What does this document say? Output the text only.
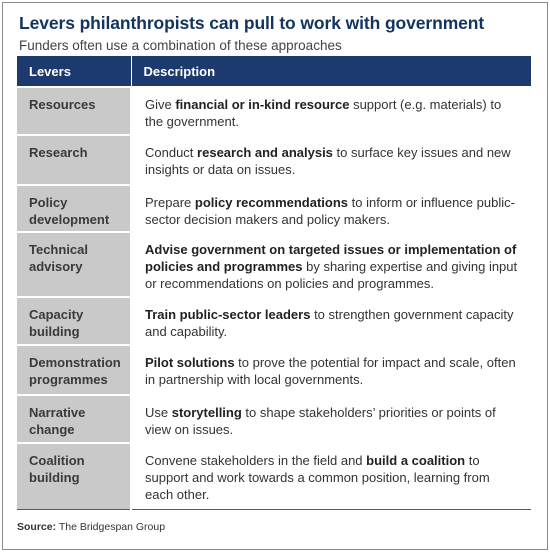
Levers philanthropists can pull to work with government
Funders often use a combination of these approaches
Levers	Description
Resources	Give financial or in-kind resource support (e.g. materials) to the government.
Research	Conduct research and analysis to surface key issues and new insights or data on issues.
Policy development	Prepare policy recommendations to inform or influence public-sector decision makers and policy makers.
Technical advisory	Advise government on targeted issues or implementation of policies and programmes by sharing expertise and giving input or recommendations on policies and programmes.
Capacity building	Train public-sector leaders to strengthen government capacity and capability.
Demonstration programmes	Pilot solutions to prove the potential for impact and scale, often in partnership with local governments.
Narrative change	Use storytelling to shape stakeholders’ priorities or points of view on issues.
Coalition building	Convene stakeholders in the field and build a coalition to support and work towards a common position, learning from each other.
Source: The Bridgespan Group
